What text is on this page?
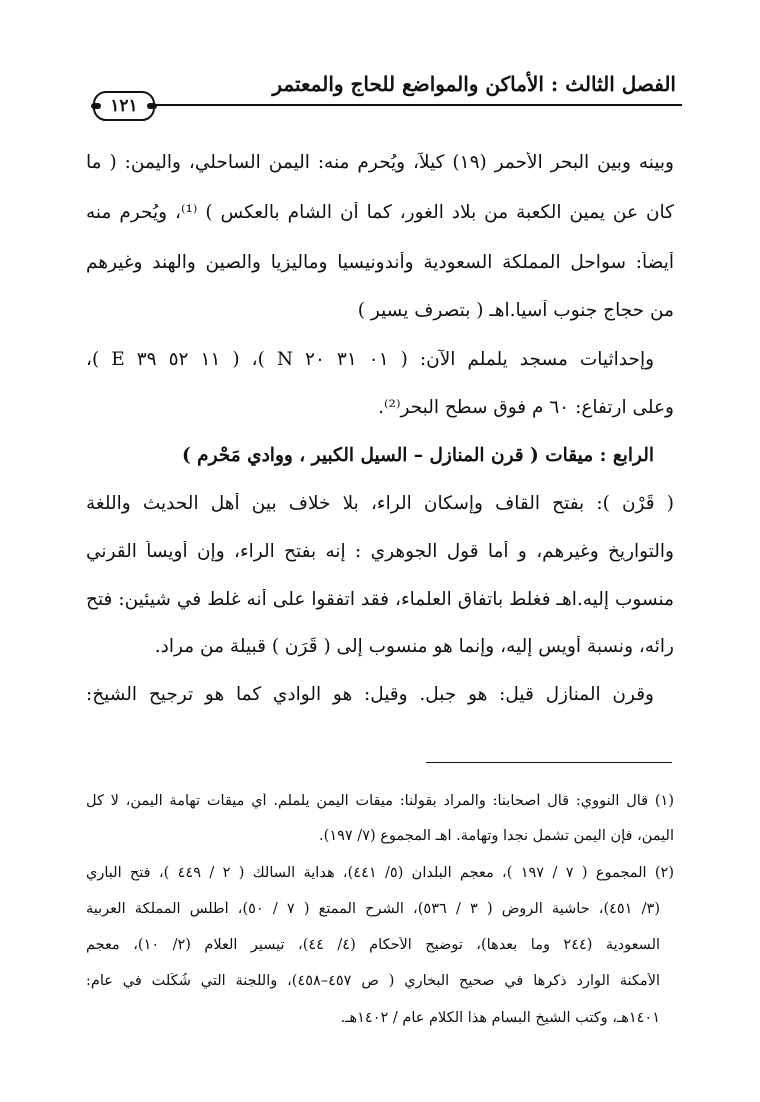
الفصل الثالث : الأماكن والمواضع للحاج والمعتمر
١٢١
وبينه وبين البحر الأحمر (١٩) كيلاً، ويُحرِم منه: اليمن الساحلي، واليمن: ( ما
كان عن يمين الكعبة من بلاد الغور، كما أن الشام بالعكس ) ⁽¹⁾، ويُحرِم منه
أيضاً: سواحل المملكة السعودية وأندونيسيا وماليزيا والصين والهند وغيرهم
من حجاج جنوب آسيا.اهـ ( بتصرف يسير )
وإحداثيات مسجد يلملم الآن: ( ٠١ ٣١ ٢٠ N )، ( ١١ ٥٢ ٣٩ E )،
وعلى ارتفاع: ٦٠ م فوق سطح البحر⁽²⁾.
الرابع : ميقات ( قرن المنازل – السيل الكبير ، ووادي مَحْرم )
( قَرْن ): بفتح القاف وإسكان الراء، بلا خلاف بين أهل الحديث واللغة
والتواريخ وغيرهم، و أما قول الجوهري : إنه بفتح الراء، وإن أويساً القرني
منسوب إليه.اهـ فغلط باتفاق العلماء، فقد اتفقوا على أنه غلط في شيئين: فتح
رائه، ونسبة أويس إليه، وإنما هو منسوب إلى ( قَرَن ) قبيلة من مراد.
وقرن المنازل قيل: هو جبل. وقيل: هو الوادي كما هو ترجيح الشيخ:
(١) قال النووي: قال أصحابنا: والمراد بقولنا: ميقات اليمن يلملم. أي ميقات تهامة اليمن، لا كل
اليمن، فإن اليمن تشمل نجداً وتهامة. اهـ المجموع (٧/ ١٩٧).
(٢) المجموع ( ٧ / ١٩٧ )، معجم البلدان (٥/ ٤٤١)، هداية السالك ( ٢ / ٤٤٩ )، فتح الباري
(٣/ ٤٥١)، حاشية الروض ( ٣ / ٥٣٦)، الشرح الممتع ( ٧ / ٥٠)، أطلس المملكة العربية
السعودية (٢٤٤ وما بعدها)، توضيح الأحكام (٤/ ٤٤)، تيسير العلام (٢/ ١٠)، معجم
الأمكنة الوارد ذكرها في صحيح البخاري ( ص ٤٥٧–٤٥٨)، واللجنة التي شُكِّلت في عام:
١٤٠١هـ، وكتب الشيخ البسام هذا الكلام عام / ١٤٠٢هـ.
